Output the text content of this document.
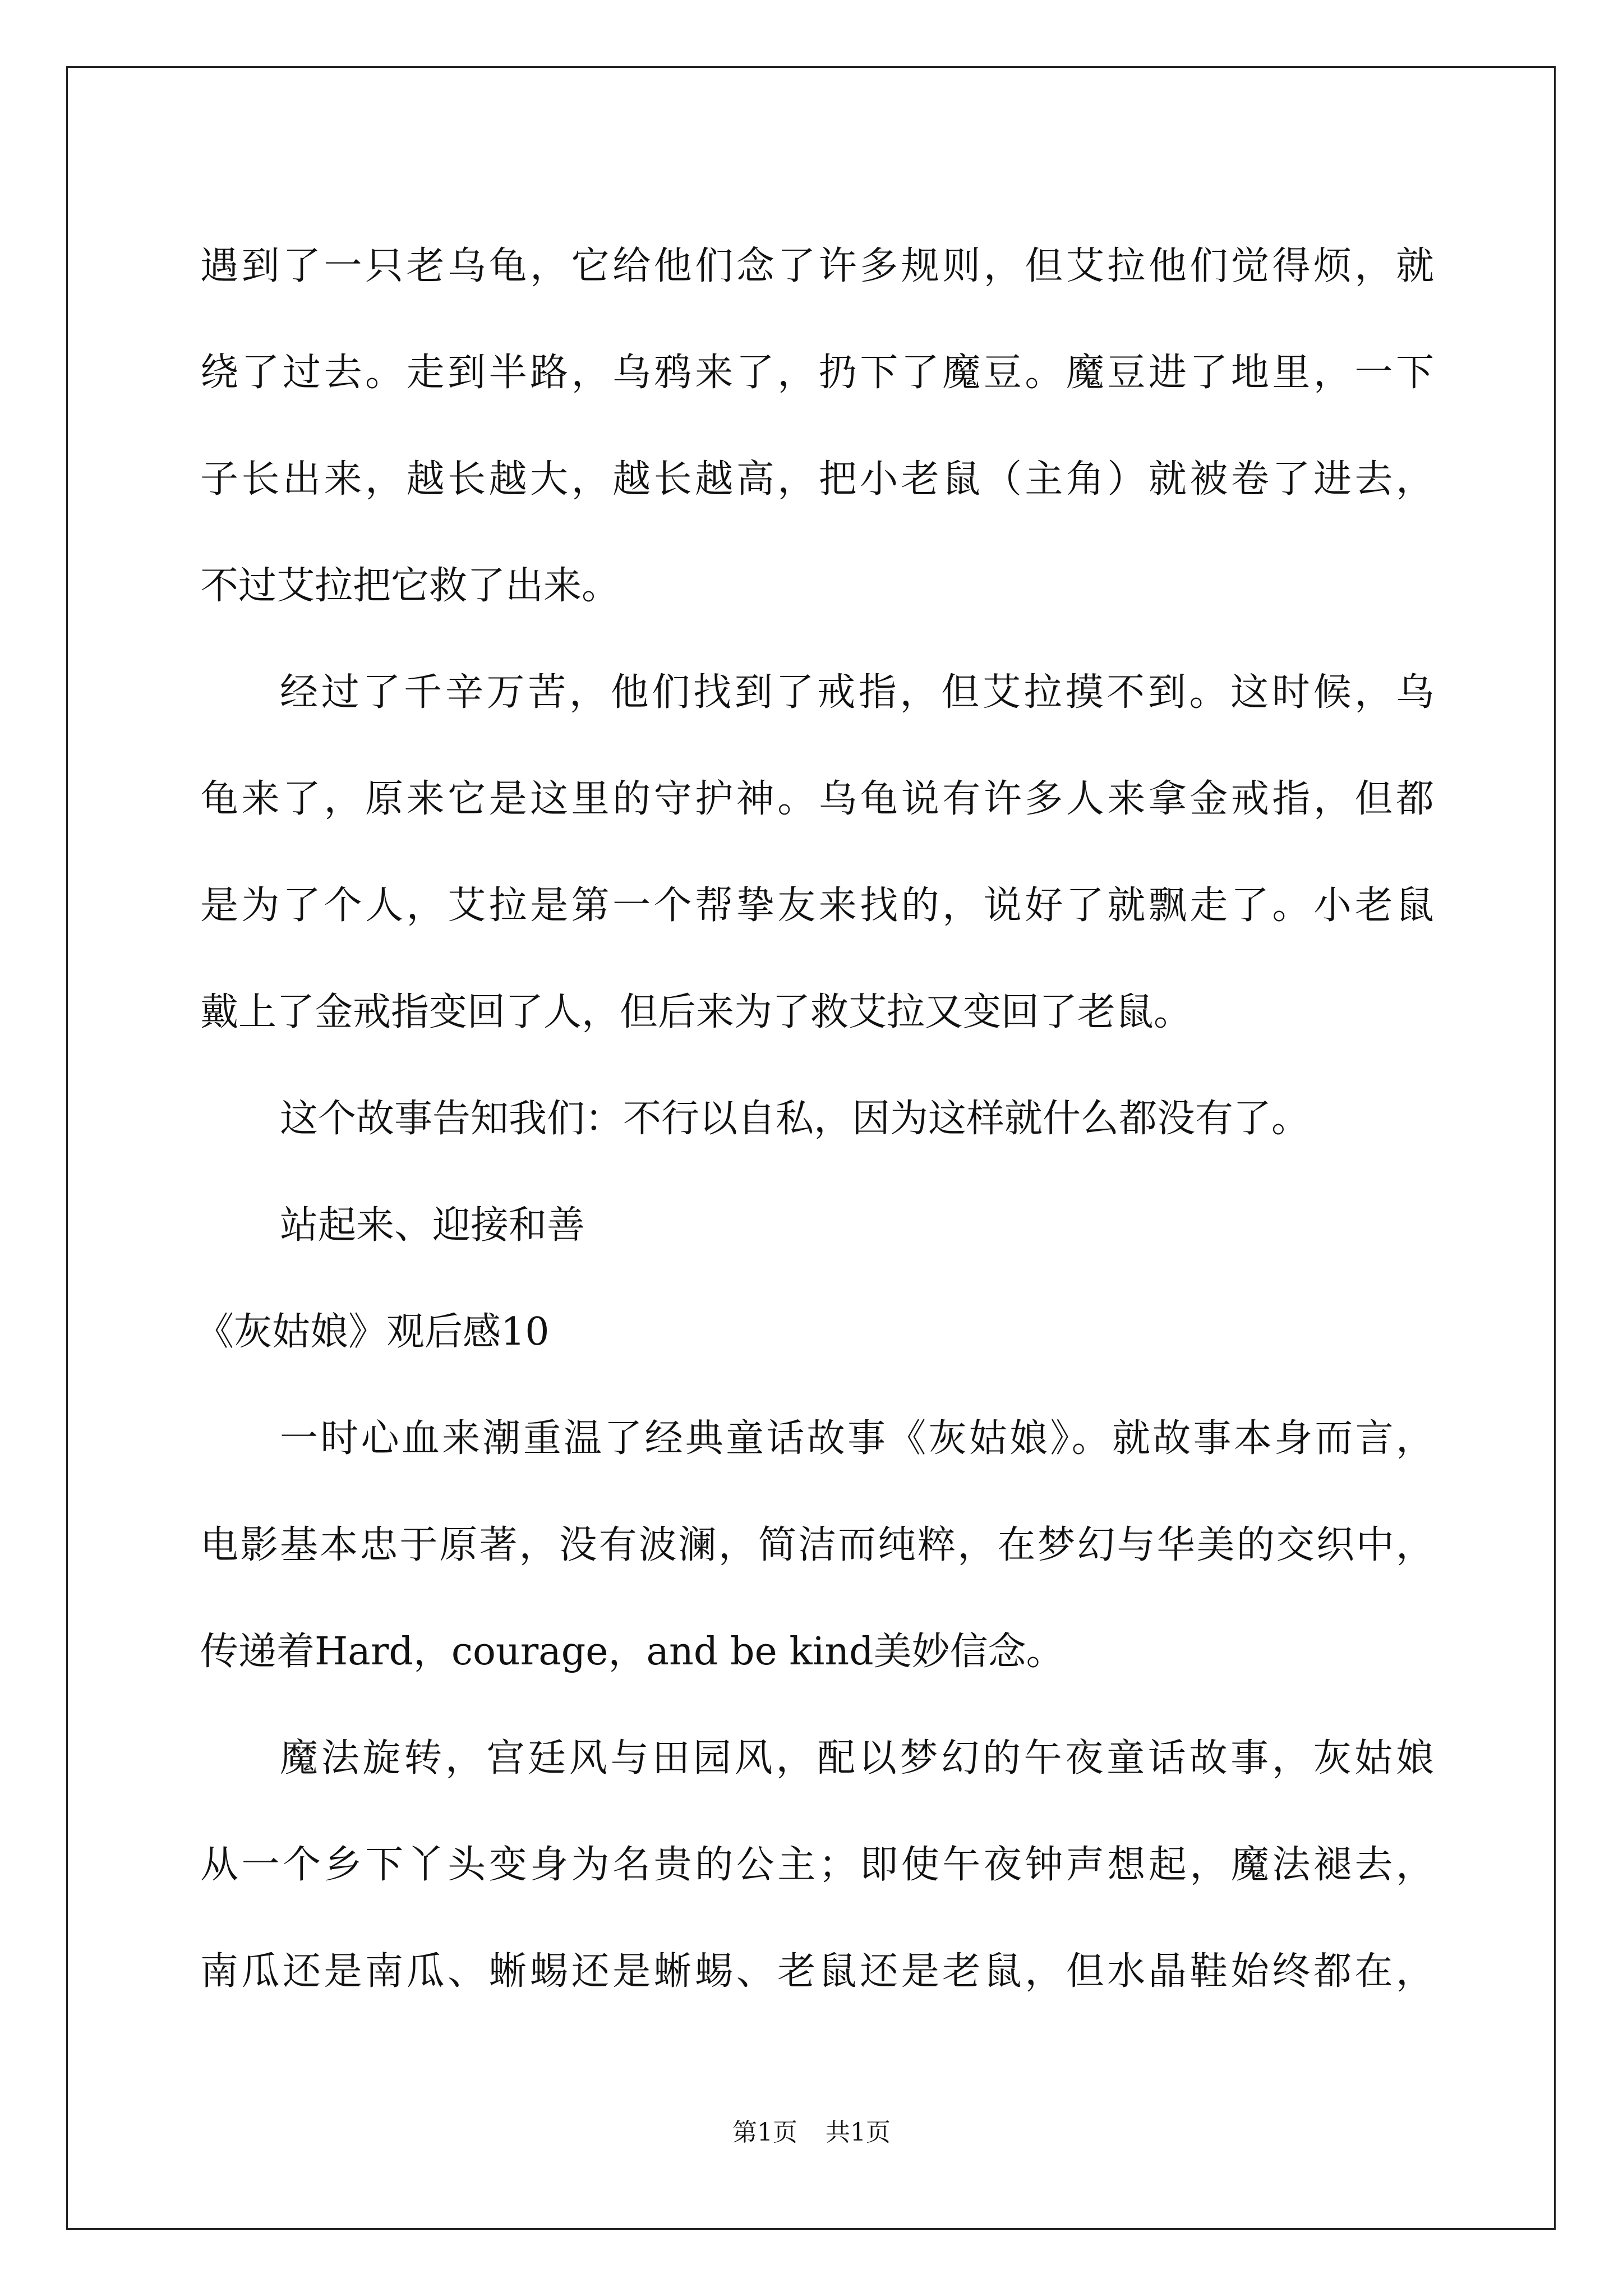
遇到了一只老乌龟，它给他们念了许多规则，但艾拉他们觉得烦，就
绕了过去。走到半路，乌鸦来了，扔下了魔豆。魔豆进了地里，一下
子长出来，越长越大，越长越高，把小老鼠（主角）就被卷了进去，
不过艾拉把它救了出来。
经过了千辛万苦，他们找到了戒指，但艾拉摸不到。这时候，乌
龟来了，原来它是这里的守护神。乌龟说有许多人来拿金戒指，但都
是为了个人，艾拉是第一个帮挚友来找的，说好了就飘走了。小老鼠
戴上了金戒指变回了人，但后来为了救艾拉又变回了老鼠。
这个故事告知我们：不行以自私，因为这样就什么都没有了。
站起来、迎接和善
《灰姑娘》观后感10
一时心血来潮重温了经典童话故事《灰姑娘》。就故事本身而言，
电影基本忠于原著，没有波澜，简洁而纯粹，在梦幻与华美的交织中，
传递着Hard，courage，and be kind美妙信念。
魔法旋转，宫廷风与田园风，配以梦幻的午夜童话故事，灰姑娘
从一个乡下丫头变身为名贵的公主；即使午夜钟声想起，魔法褪去，
南瓜还是南瓜、蜥蜴还是蜥蜴、老鼠还是老鼠，但水晶鞋始终都在，
第1页 共1页
